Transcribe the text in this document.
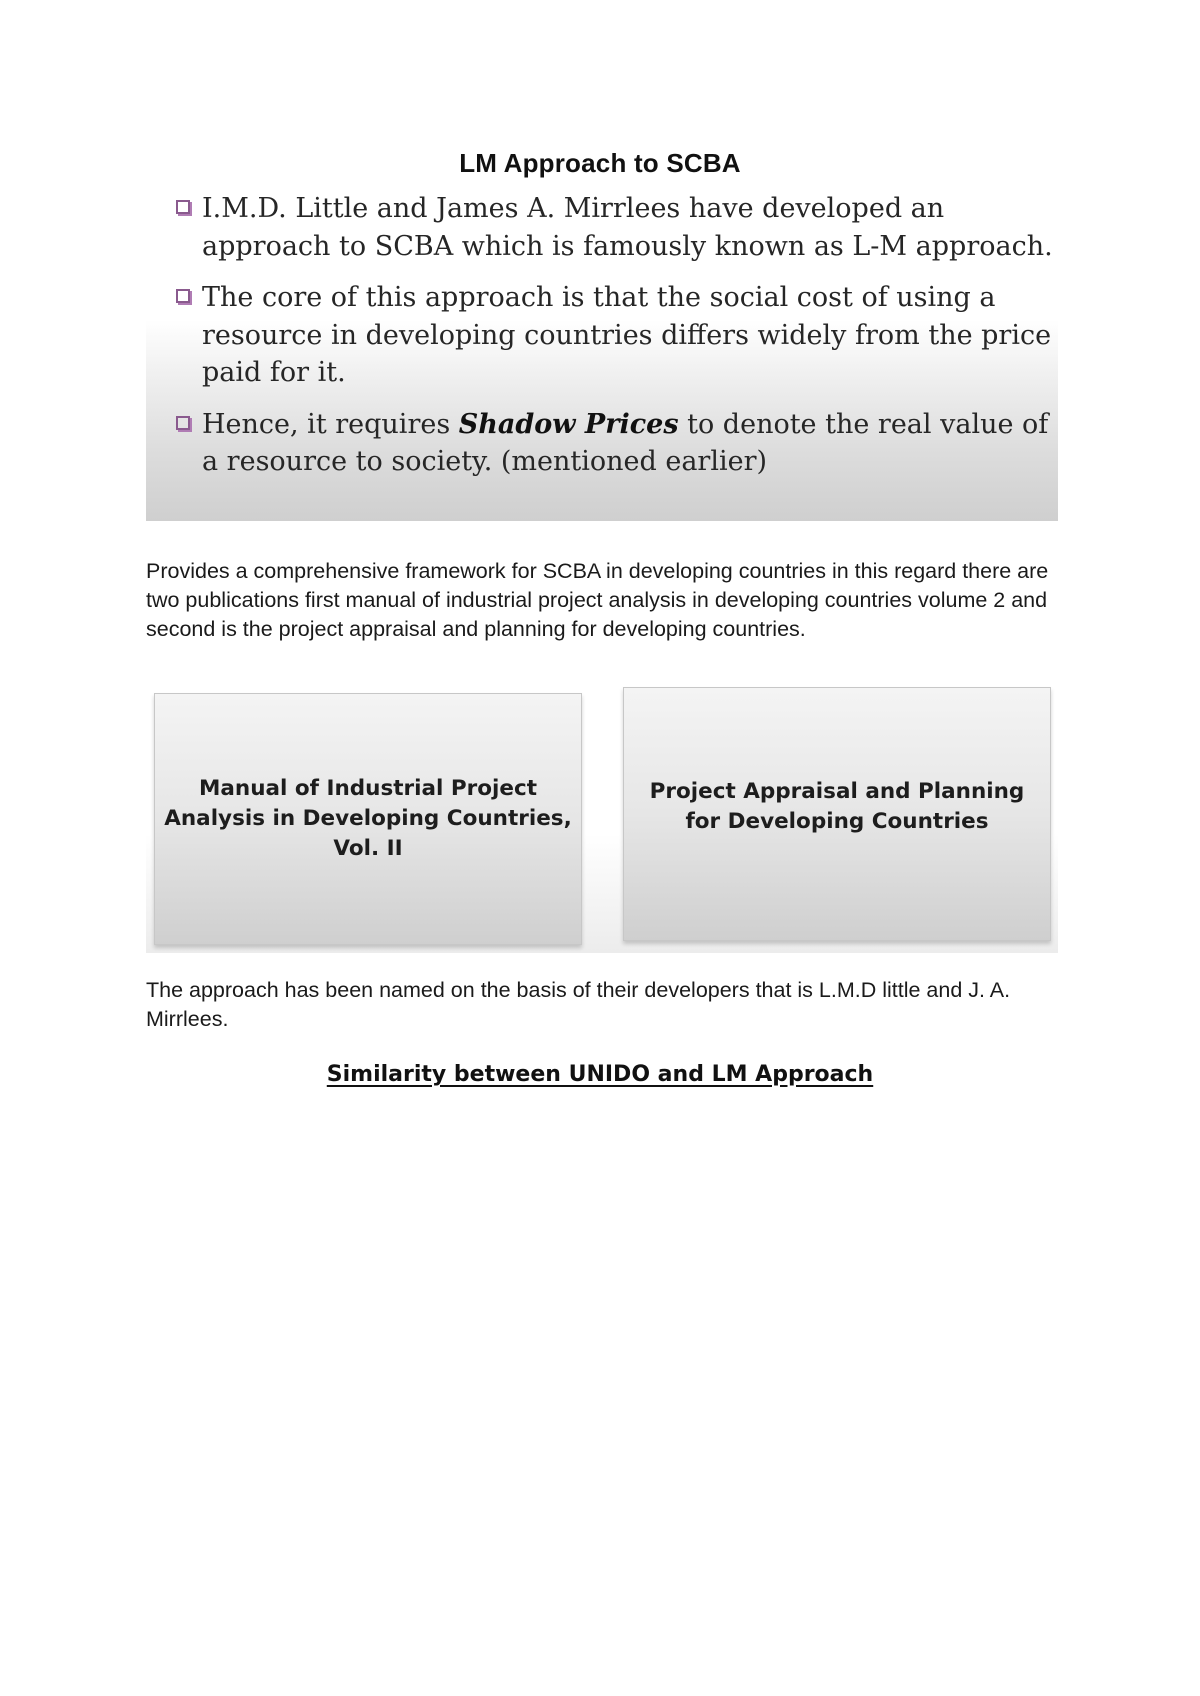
LM Approach to SCBA
I.M.D. Little and James A. Mirrlees have developed an approach to SCBA which is famously known as L-M approach.
The core of this approach is that the social cost of using a resource in developing countries differs widely from the price paid for it.
Hence, it requires Shadow Prices to denote the real value of a resource to society. (mentioned earlier)
Provides a comprehensive framework for SCBA in developing countries in this regard there are two publications first manual of industrial project analysis in developing countries volume 2 and second is the project appraisal and planning for developing countries.
Manual of Industrial Project Analysis in Developing Countries, Vol. II
Project Appraisal and Planning for Developing Countries
The approach has been named on the basis of their developers that is L.M.D little and J. A. Mirrlees.
Similarity between UNIDO and LM Approach
